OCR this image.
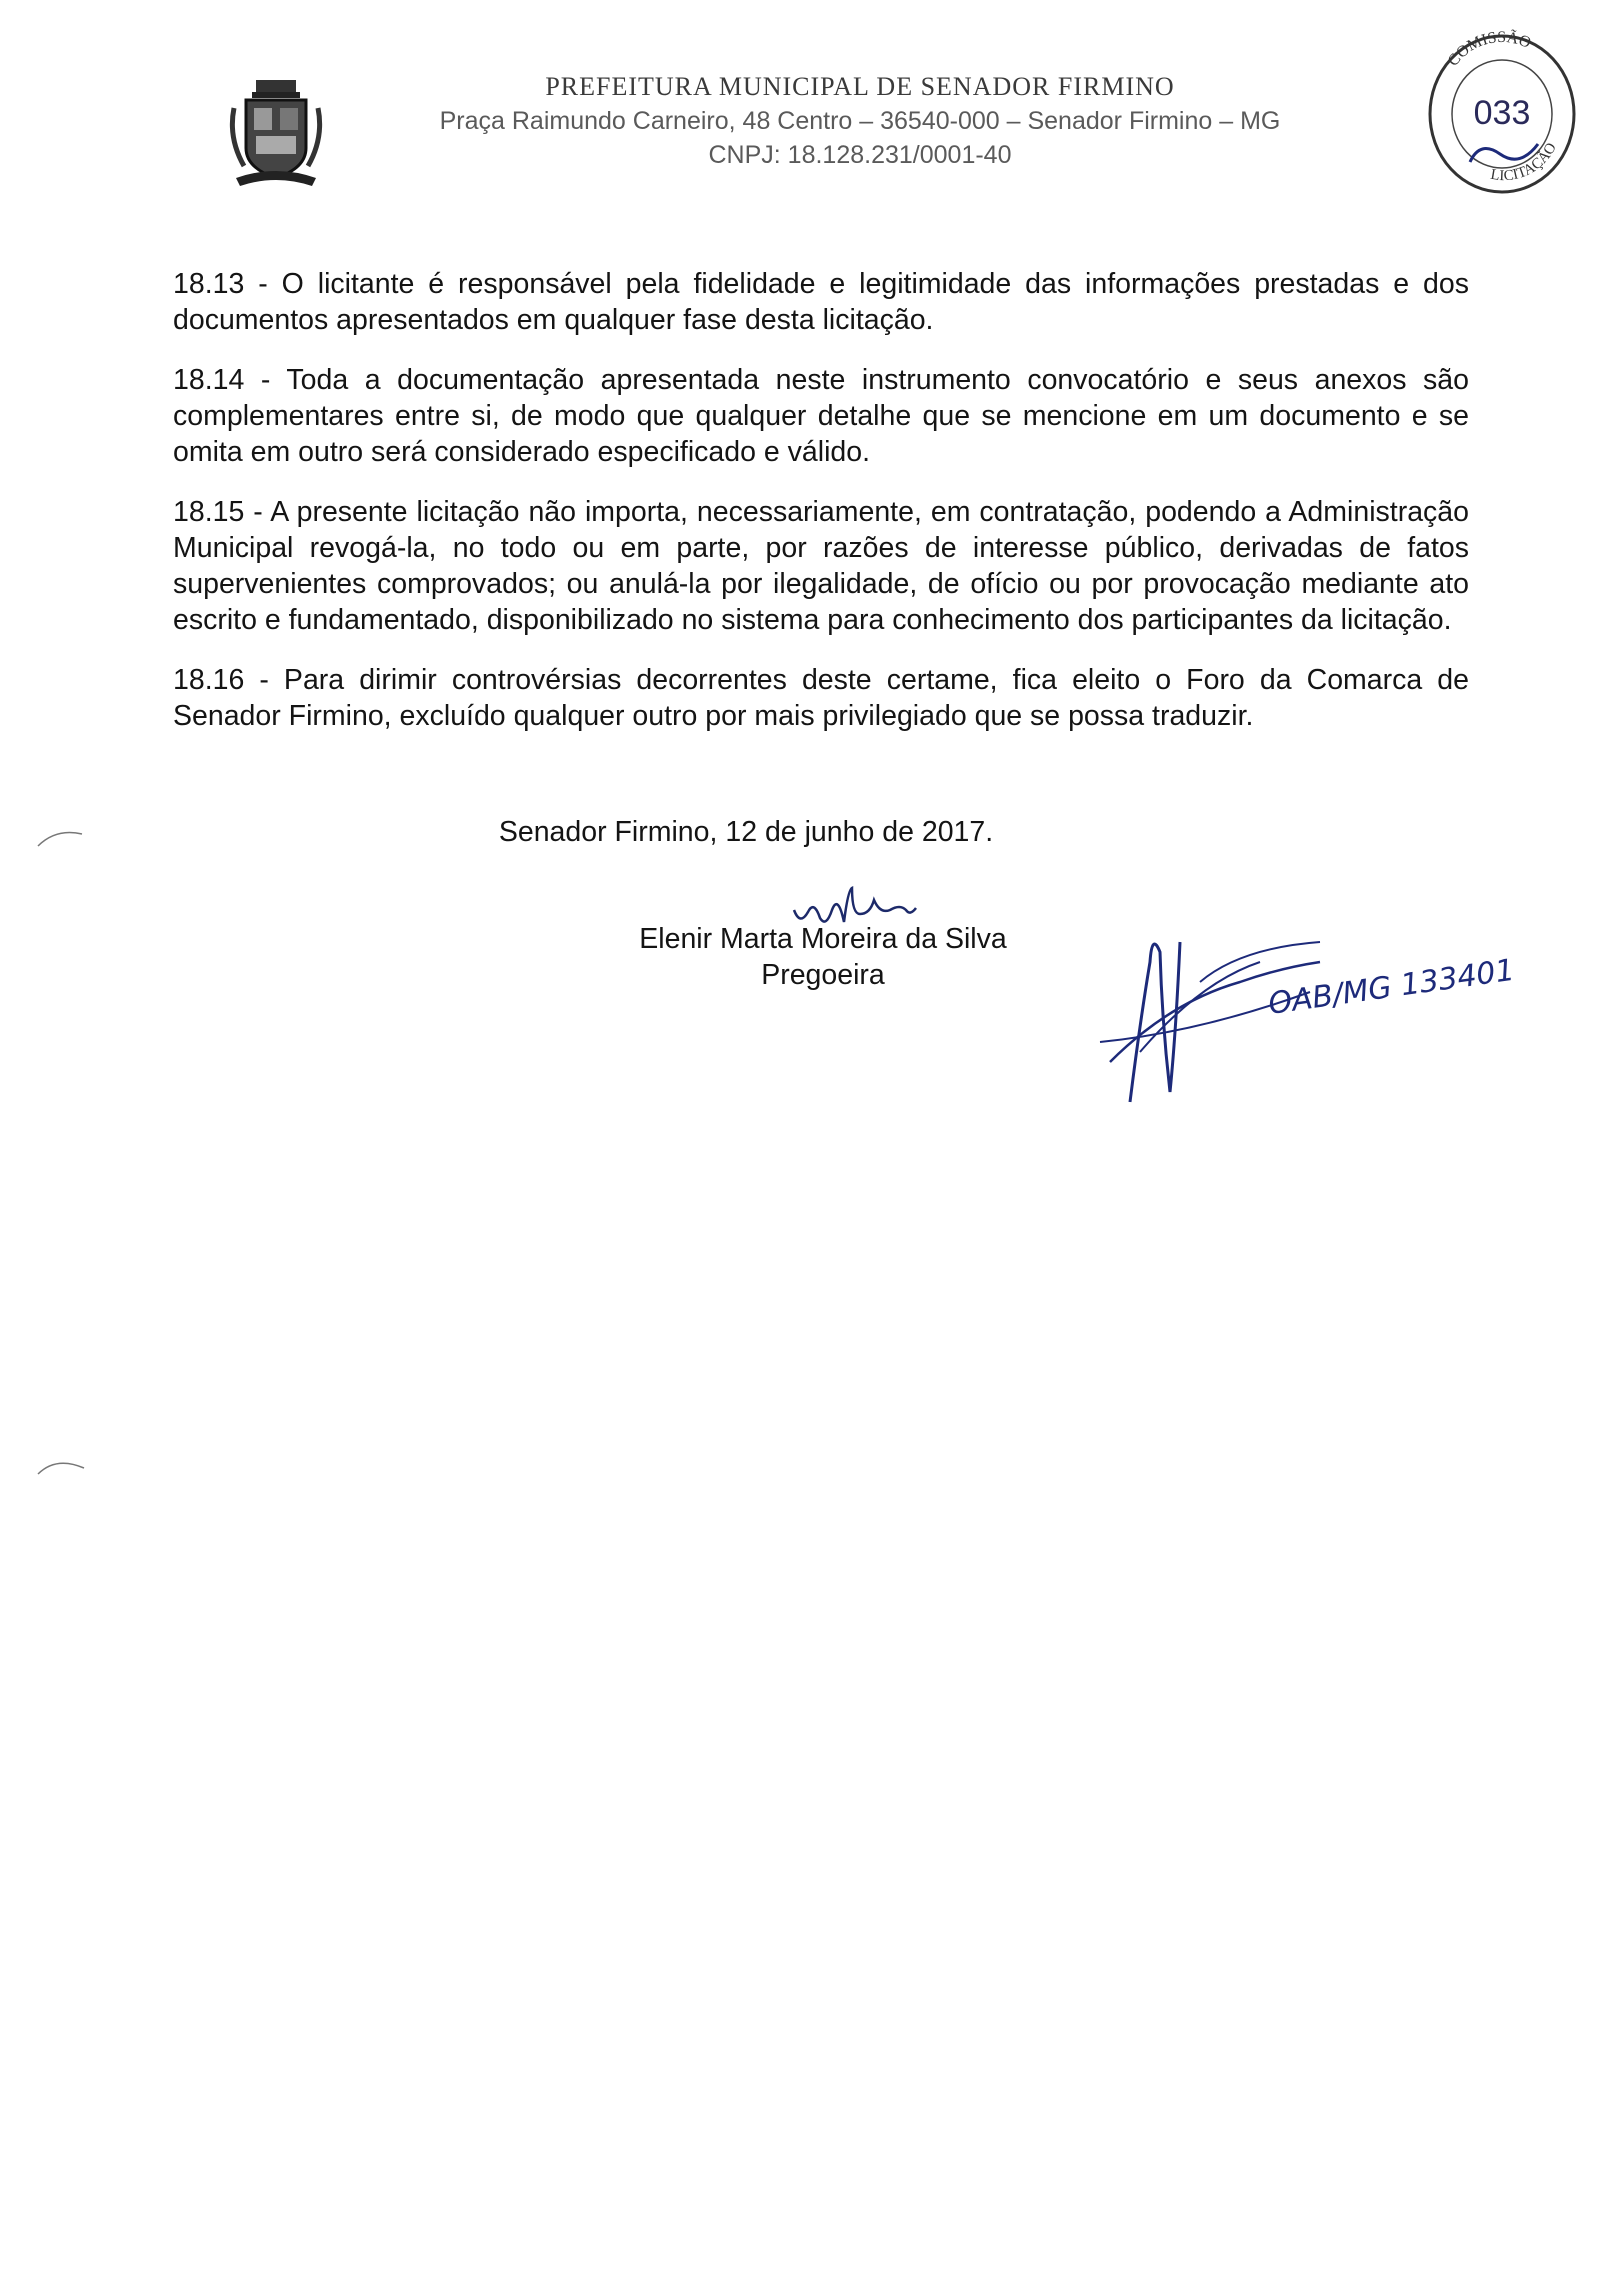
PREFEITURA MUNICIPAL DE SENADOR FIRMINO
Praça Raimundo Carneiro, 48 Centro – 36540-000 – Senador Firmino – MG
CNPJ: 18.128.231/0001-40
COMISSÃO
033
LICITAÇÃO

18.13 - O licitante é responsável pela fidelidade e legitimidade das informações prestadas e dos documentos apresentados em qualquer fase desta licitação.

18.14 - Toda a documentação apresentada neste instrumento convocatório e seus anexos são complementares entre si, de modo que qualquer detalhe que se mencione em um documento e se omita em outro será considerado especificado e válido.

18.15 - A presente licitação não importa, necessariamente, em contratação, podendo a Administração Municipal revogá-la, no todo ou em parte, por razões de interesse público, derivadas de fatos supervenientes comprovados; ou anulá-la por ilegalidade, de ofício ou por provocação mediante ato escrito e fundamentado, disponibilizado no sistema para conhecimento dos participantes da licitação.

18.16 - Para dirimir controvérsias decorrentes deste certame, fica eleito o Foro da Comarca de Senador Firmino, excluído qualquer outro por mais privilegiado que se possa traduzir.

Senador Firmino, 12 de junho de 2017.
Elenir Marta Moreira da Silva
Pregoeira	OAB/MG 133401
